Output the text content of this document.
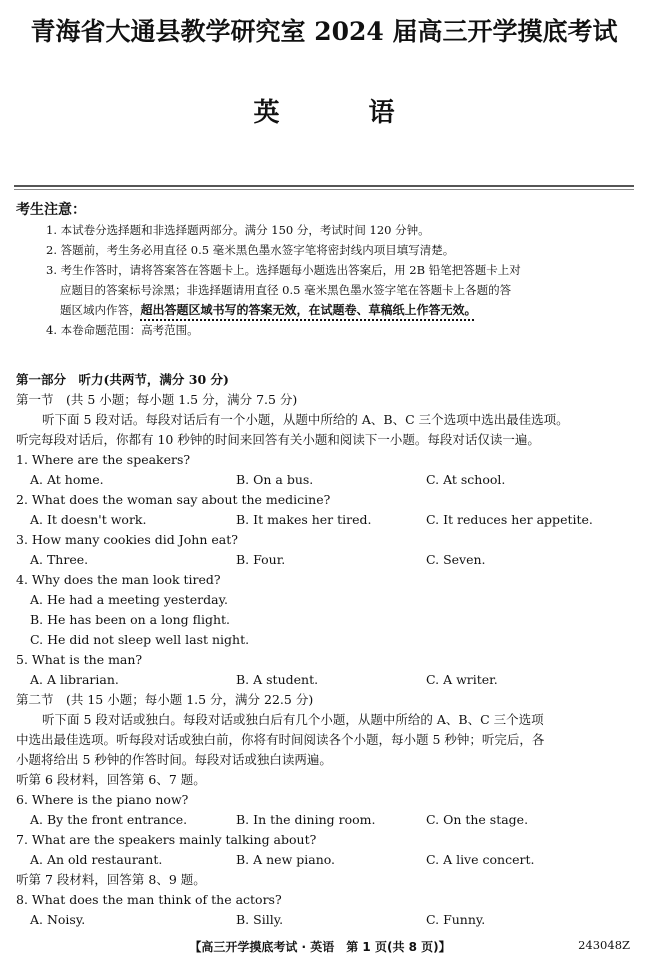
青海省大通县教学研究室 2024 届高三开学摸底考试
英 语
考生注意：
1. 本试卷分选择题和非选择题两部分。满分 150 分，考试时间 120 分钟。
2. 答题前，考生务必用直径 0.5 毫米黑色墨水签字笔将密封线内项目填写清楚。
3. 考生作答时，请将答案答在答题卡上。选择题每小题选出答案后，用 2B 铅笔把答题卡上对
应题目的答案标号涂黑；非选择题请用直径 0.5 毫米黑色墨水签字笔在答题卡上各题的答
题区域内作答，超出答题区域书写的答案无效，在试题卷、草稿纸上作答无效。
4. 本卷命题范围：高考范围。
第一部分　听力(共两节，满分 30 分)
第一节　(共 5 小题；每小题 1.5 分，满分 7.5 分)
听下面 5 段对话。每段对话后有一个小题，从题中所给的 A、B、C 三个选项中选出最佳选项。
听完每段对话后，你都有 10 秒钟的时间来回答有关小题和阅读下一小题。每段对话仅读一遍。
1. Where are the speakers?
A. At home.	B. On a bus.	C. At school.
2. What does the woman say about the medicine?
A. It doesn't work.	B. It makes her tired.	C. It reduces her appetite.
3. How many cookies did John eat?
A. Three.	B. Four.	C. Seven.
4. Why does the man look tired?
A. He had a meeting yesterday.
B. He has been on a long flight.
C. He did not sleep well last night.
5. What is the man?
A. A librarian.	B. A student.	C. A writer.
第二节　(共 15 小题；每小题 1.5 分，满分 22.5 分)
听下面 5 段对话或独白。每段对话或独白后有几个小题，从题中所给的 A、B、C 三个选项
中选出最佳选项。听每段对话或独白前，你将有时间阅读各个小题，每小题 5 秒钟；听完后，各
小题将给出 5 秒钟的作答时间。每段对话或独白读两遍。
听第 6 段材料，回答第 6、7 题。
6. Where is the piano now?
A. By the front entrance.	B. In the dining room.	C. On the stage.
7. What are the speakers mainly talking about?
A. An old restaurant.	B. A new piano.	C. A live concert.
听第 7 段材料，回答第 8、9 题。
8. What does the man think of the actors?
A. Noisy.	B. Silly.	C. Funny.
【高三开学摸底考试 · 英语　第 1 页(共 8 页)】	243048Z
